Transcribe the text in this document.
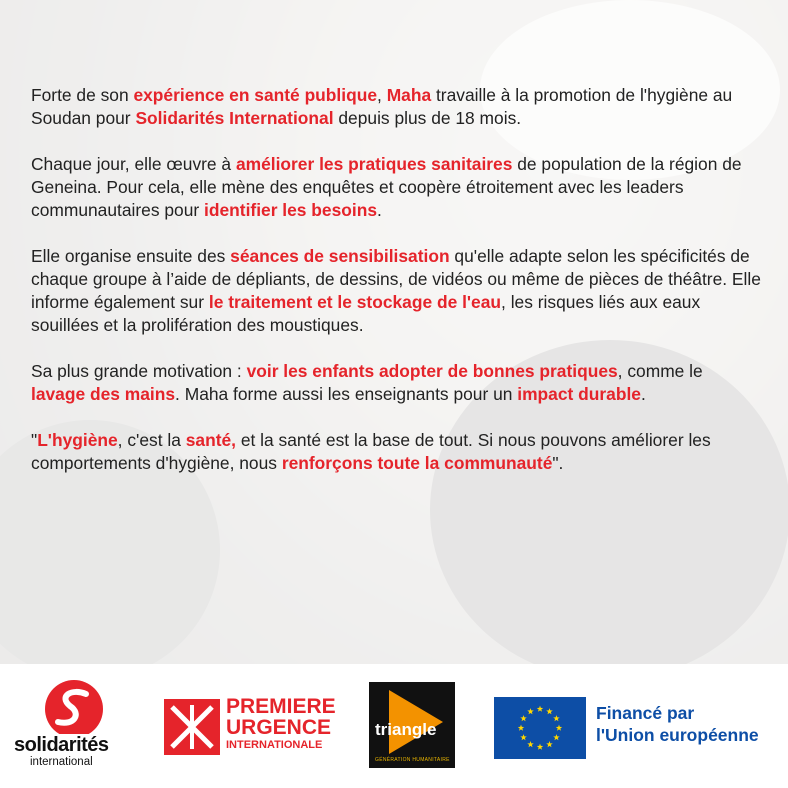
Forte de son expérience en santé publique, Maha travaille à la promotion de l'hygiène au Soudan pour Solidarités International depuis plus de 18 mois.

Chaque jour, elle œuvre à améliorer les pratiques sanitaires de population de la région de Geneina. Pour cela, elle mène des enquêtes et coopère étroitement avec les leaders communautaires pour identifier les besoins.

Elle organise ensuite des séances de sensibilisation qu'elle adapte selon les spécificités de chaque groupe à l’aide de dépliants, de dessins, de vidéos ou même de pièces de théâtre. Elle informe également sur le traitement et le stockage de l'eau, les risques liés aux eaux souillées et la prolifération des moustiques.

Sa plus grande motivation : voir les enfants adopter de bonnes pratiques, comme le lavage des mains. Maha forme aussi les enseignants pour un impact durable.

"L'hygiène, c'est la santé, et la santé est la base de tout. Si nous pouvons améliorer les comportements d'hygiène, nous renforçons toute la communauté".

solidarités
international
PREMIERE
URGENCE
INTERNATIONALE
triangle
GÉNÉRATION HUMANITAIRE
Financé par
l'Union européenne
